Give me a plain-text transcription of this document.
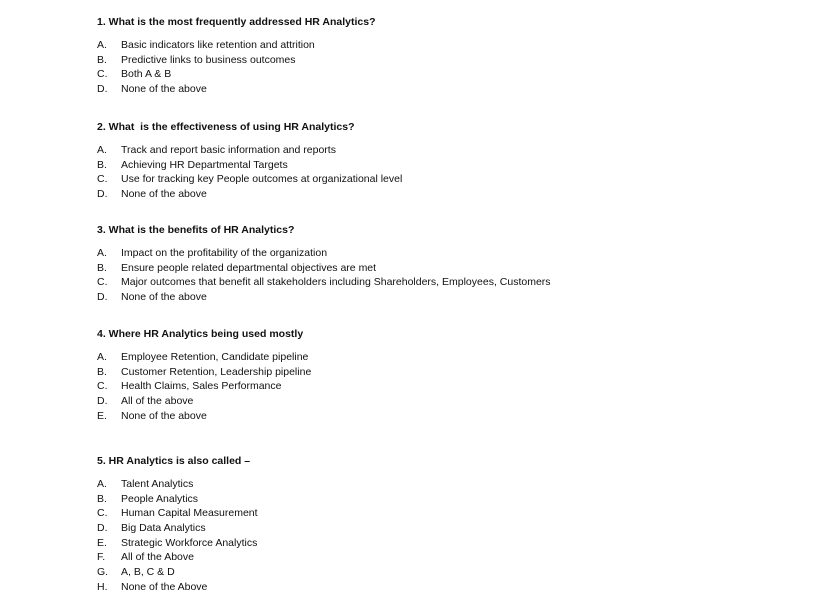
1. What is the most frequently addressed HR Analytics?
A. Basic indicators like retention and attrition
B. Predictive links to business outcomes
C. Both A & B
D. None of the above
2. What  is the effectiveness of using HR Analytics?
A. Track and report basic information and reports
B. Achieving HR Departmental Targets
C. Use for tracking key People outcomes at organizational level
D. None of the above
3. What is the benefits of HR Analytics?
A. Impact on the profitability of the organization
B. Ensure people related departmental objectives are met
C. Major outcomes that benefit all stakeholders including Shareholders, Employees, Customers
D. None of the above
4. Where HR Analytics being used mostly
A. Employee Retention, Candidate pipeline
B. Customer Retention, Leadership pipeline
C. Health Claims, Sales Performance
D. All of the above
E. None of the above
5. HR Analytics is also called –
A. Talent Analytics
B. People Analytics
C. Human Capital Measurement
D. Big Data Analytics
E. Strategic Workforce Analytics
F. All of the Above
G. A, B, C & D
H. None of the Above
